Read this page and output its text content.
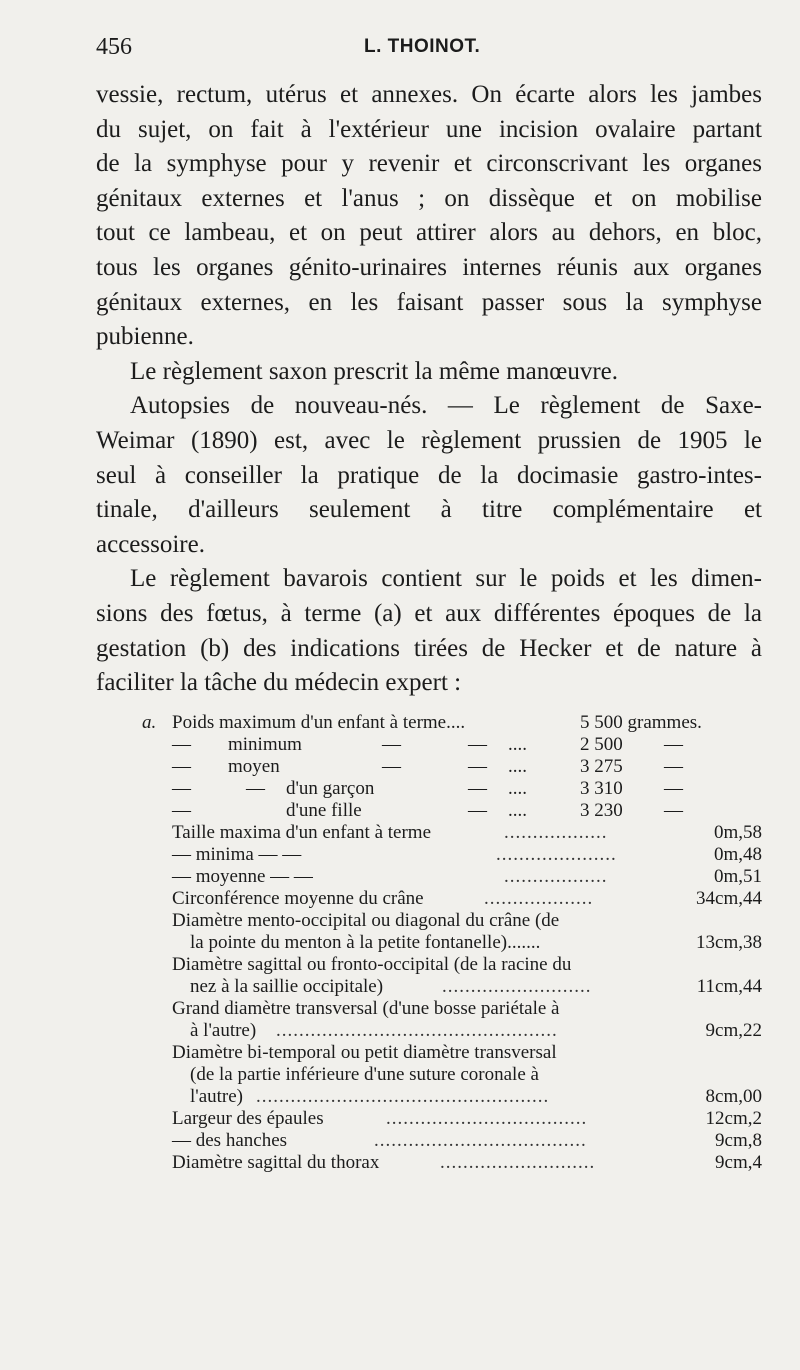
456	L. THOINOT.
vessie, rectum, utérus et annexes. On écarte alors les jambes
du sujet, on fait à l'extérieur une incision ovalaire partant
de la symphyse pour y revenir et circonscrivant les organes
génitaux externes et l'anus ; on dissèque et on mobilise
tout ce lambeau, et on peut attirer alors au dehors, en bloc,
tous les organes génito-urinaires internes réunis aux organes
génitaux externes, en les faisant passer sous la symphyse
pubienne.
Le règlement saxon prescrit la même manœuvre.
Autopsies de nouveau-nés. — Le règlement de Saxe-
Weimar (1890) est, avec le règlement prussien de 1905 le
seul à conseiller la pratique de la docimasie gastro-intes-
tinale, d'ailleurs seulement à titre complémentaire et
accessoire.
Le règlement bavarois contient sur le poids et les dimen-
sions des fœtus, à terme (a) et aux différentes époques de la
gestation (b) des indications tirées de Hecker et de nature à
faciliter la tâche du médecin expert :
a. Poids maximum d'un enfant à terme....	5 500 grammes.
— minimum	—	— ....	2 500 —
— moyen	—	— ....	3 275 —
—	— d'un garçon	— ....	3 310 —
—	d'une fille	— ....	3 230 —
Taille maxima d'un enfant à terme	..................	0m,58
— minima — —	.....................	0m,48
— moyenne — —	..................	0m,51
Circonférence moyenne du crâne	...................	34cm,44
Diamètre mento-occipital ou diagonal du crâne (de
la pointe du menton à la petite fontanelle).......	13cm,38
Diamètre sagittal ou fronto-occipital (de la racine du
nez à la saillie occipitale)	..........................	11cm,44
Grand diamètre transversal (d'une bosse pariétale à
à l'autre) .................................................	9cm,22
Diamètre bi-temporal ou petit diamètre transversal
(de la partie inférieure d'une suture coronale à
l'autre) ...................................................	8cm,00
Largeur des épaules	...................................	12cm,2
— des hanches	.....................................	9cm,8
Diamètre sagittal du thorax	...........................	9cm,4
